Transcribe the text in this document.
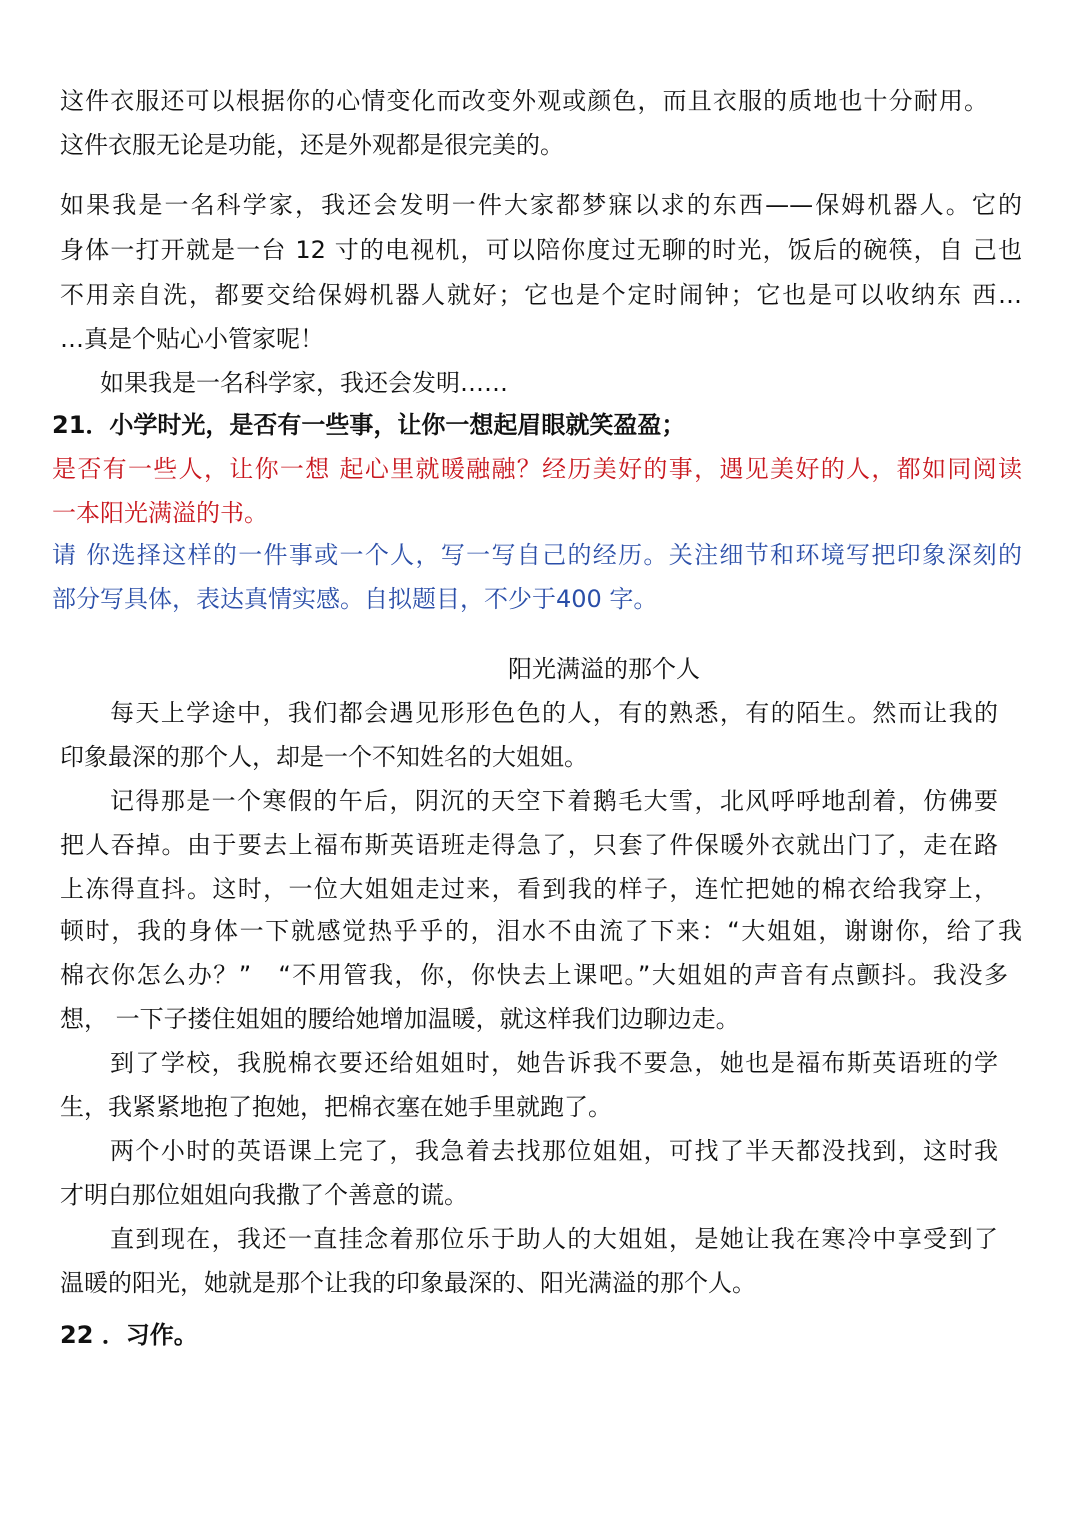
这件衣服还可以根据你的心情变化而改变外观或颜色，而且衣服的质地也十分耐用。
这件衣服无论是功能，还是外观都是很完美的。
如果我是一名科学家，我还会发明一件大家都梦寐以求的东西——保姆机器人。它的
身体一打开就是一台 12 寸的电视机，可以陪你度过无聊的时光，饭后的碗筷，自 己也
不用亲自洗，都要交给保姆机器人就好；它也是个定时闹钟；它也是可以收纳东 西…
…真是个贴心小管家呢！
如果我是一名科学家，我还会发明……
21．小学时光，是否有一些事，让你一想起眉眼就笑盈盈；
是否有一些人，让你一想 起心里就暖融融？经历美好的事，遇见美好的人，都如同阅读
一本阳光满溢的书。
请 你选择这样的一件事或一个人，写一写自己的经历。关注细节和环境写把印象深刻的
部分写具体，表达真情实感。自拟题目，不少于400 字。
阳光满溢的那个人
每天上学途中，我们都会遇见形形色色的人，有的熟悉，有的陌生。然而让我的
印象最深的那个人，却是一个不知姓名的大姐姐。
记得那是一个寒假的午后，阴沉的天空下着鹅毛大雪，北风呼呼地刮着，仿佛要
把人吞掉。由于要去上福布斯英语班走得急了，只套了件保暖外衣就出门了，走在路
上冻得直抖。这时，一位大姐姐走过来，看到我的样子，连忙把她的棉衣给我穿上，
顿时，我的身体一下就感觉热乎乎的，泪水不由流了下来：“大姐姐，谢谢你，给了我
棉衣你怎么办？”　“不用管我，你，你快去上课吧。”大姐姐的声音有点颤抖。我没多
想， 一下子搂住姐姐的腰给她增加温暖，就这样我们边聊边走。
到了学校，我脱棉衣要还给姐姐时，她告诉我不要急，她也是福布斯英语班的学
生，我紧紧地抱了抱她，把棉衣塞在她手里就跑了。
两个小时的英语课上完了，我急着去找那位姐姐，可找了半天都没找到，这时我
才明白那位姐姐向我撒了个善意的谎。
直到现在，我还一直挂念着那位乐于助人的大姐姐，是她让我在寒冷中享受到了
温暖的阳光，她就是那个让我的印象最深的、阳光满溢的那个人。
22 ．习作。
